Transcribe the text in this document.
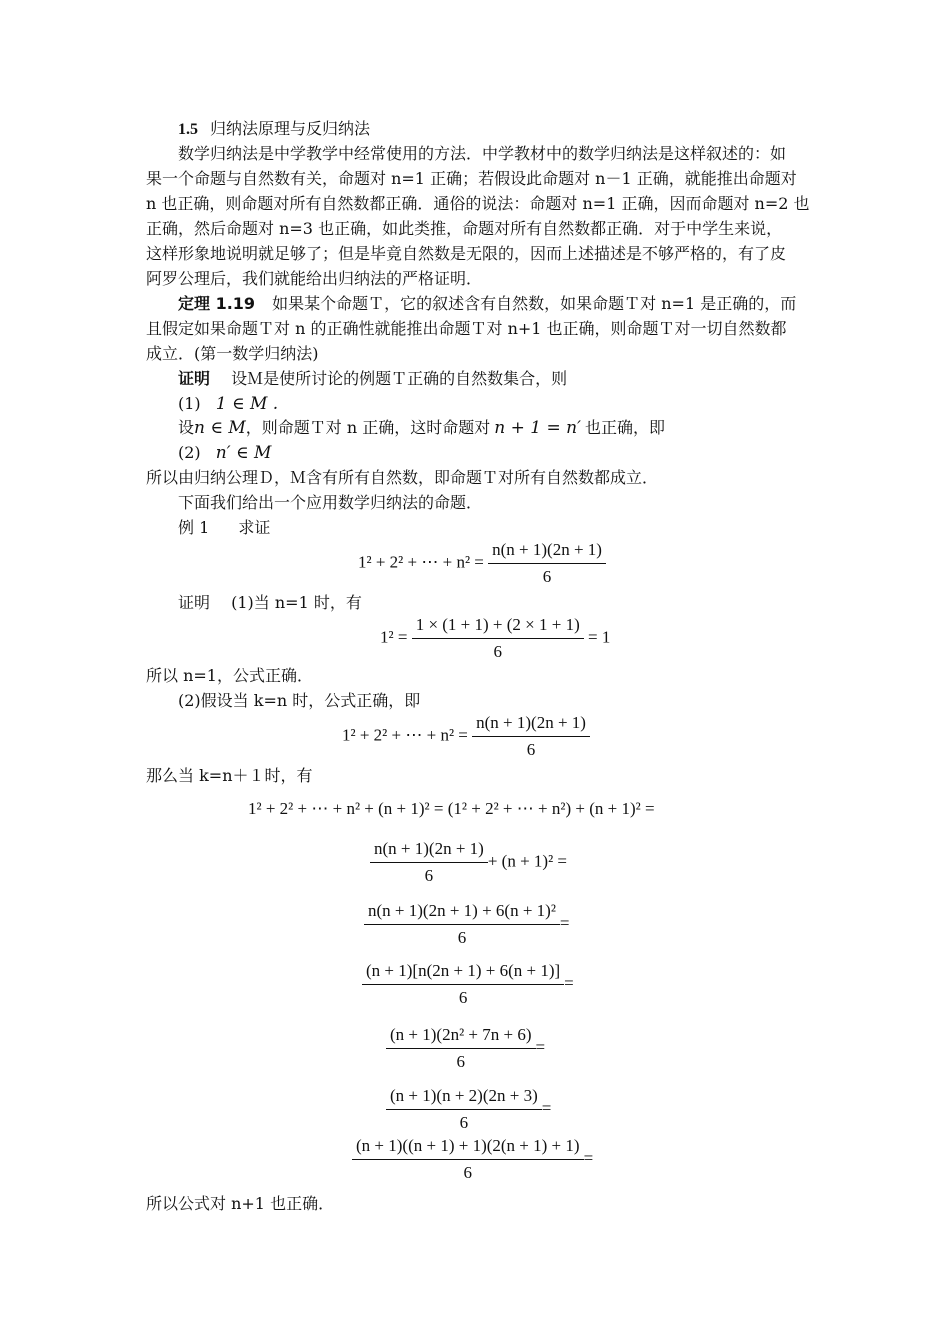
1.5 归纳法原理与反归纳法
数学归纳法是中学教学中经常使用的方法．中学教材中的数学归纳法是这样叙述的：如
果一个命题与自然数有关，命题对 n=1 正确；若假设此命题对 n－1 正确，就能推出命题对
n 也正确，则命题对所有自然数都正确．通俗的说法：命题对 n=1 正确，因而命题对 n=2 也
正确，然后命题对 n=3 也正确，如此类推，命题对所有自然数都正确．对于中学生来说，
这样形象地说明就足够了；但是毕竟自然数是无限的，因而上述描述是不够严格的，有了皮
阿罗公理后，我们就能给出归纳法的严格证明．
定理 1.19 如果某个命题Ｔ，它的叙述含有自然数，如果命题Ｔ对 n=1 是正确的，而
且假定如果命题Ｔ对 n 的正确性就能推出命题Ｔ对 n+1 也正确，则命题Ｔ对一切自然数都
成立．(第一数学归纳法)
证明 设Ｍ是使所讨论的例题Ｔ正确的自然数集合，则
(1) 1 ∈ M .
设n ∈ M，则命题Ｔ对 n 正确，这时命题对 n + 1 = n′ 也正确，即
(2) n′ ∈ M
所以由归纳公理Ｄ，Ｍ含有所有自然数，即命题Ｔ对所有自然数都成立．
下面我们给出一个应用数学归纳法的命题．
例 1 求证
1² + 2² + ⋯ + $n^2 = \frac{n(n + 1)(2n + 1)}{6}$
证明 (1)当 n=1 时，有
$1^2 = \frac{1 \times (1 + 1) + (2 \times 1 + 1)}{6} = 1$
所以 n=1，公式正确．
(2)假设当 k=n 时，公式正确，即
1² + 2² + ⋯ + $n^2 = \frac{n(n + 1)(2n + 1)}{6}$
那么当 k=n＋１时，有
1² + 2² + ⋯ + n² + (n + 1)² = (1² + 2² + ⋯ + n²) + (n + 1)² =
$\frac{n(n + 1)(2n + 1)}{6} + (n + 1)^2$ =
$\frac{\text{n(n + 1)(2n + 1) + 6(n + 1)²}}{6}$ =
$\frac{(n + 1)[n(2n + 1) + 6(n + 1)]}{6}$ =
$\frac{\text{(n + 1)(2n² + 7n + 6)}}{6}$ =
$\frac{(n + 1)(n + 2)(2n + 3)}{6}$ =
$\frac{(n + 1)((n + 1) + 1)(2(n + 1) + 1)}{6}$ =
所以公式对 n+1 也正确．
